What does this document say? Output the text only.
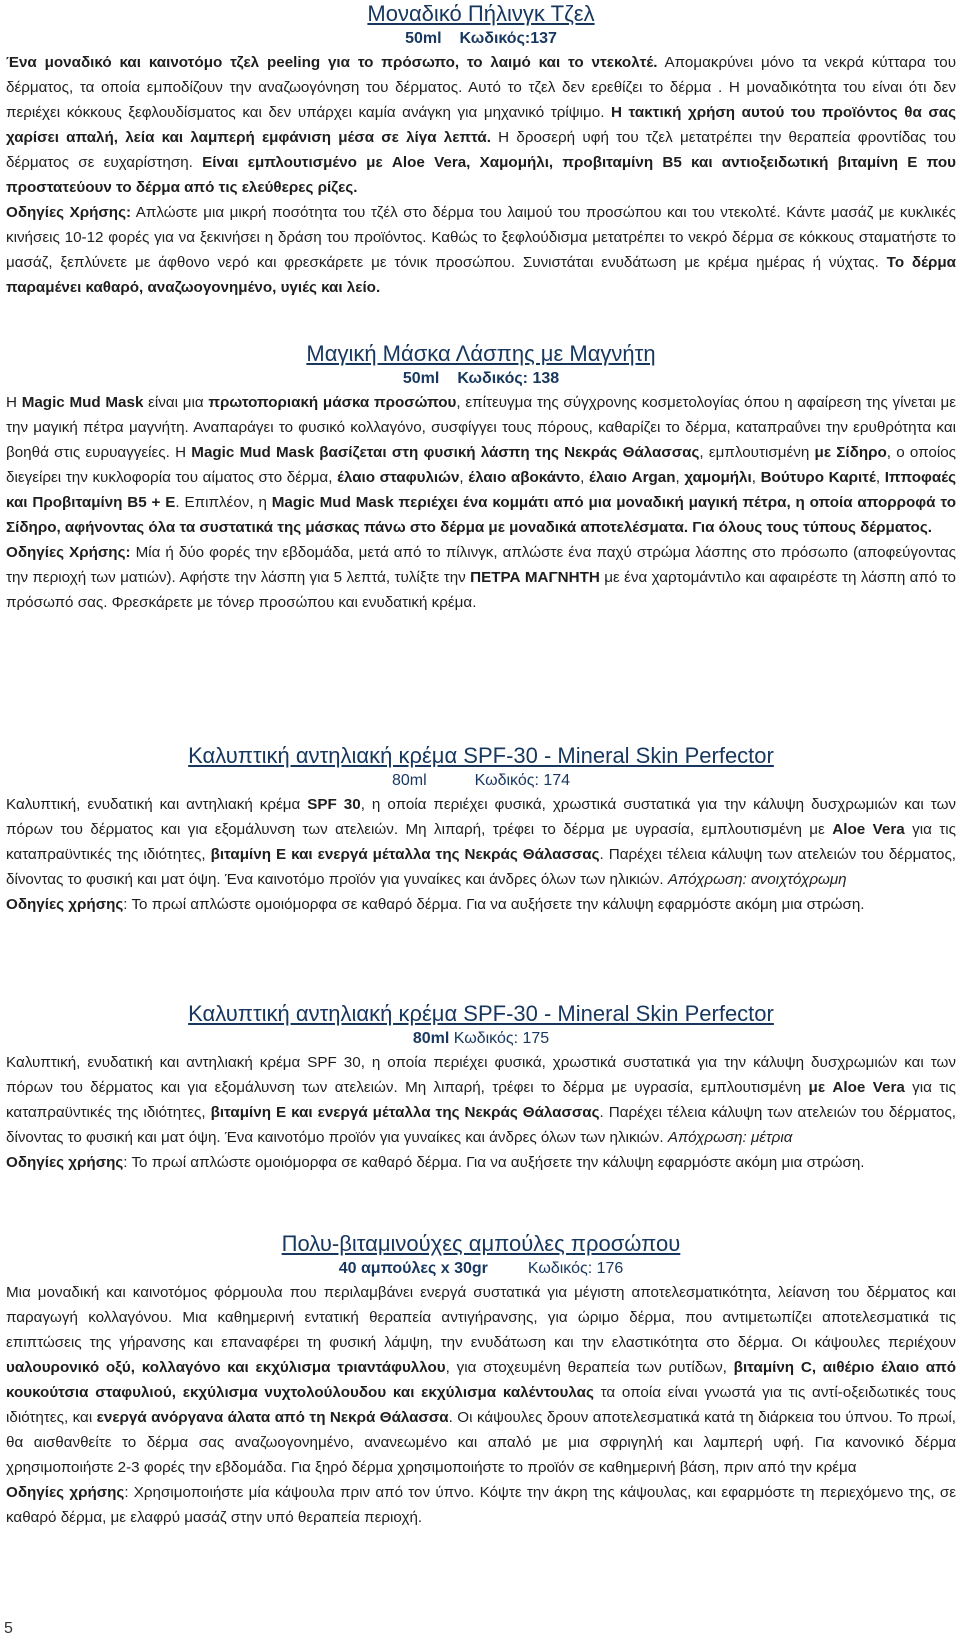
Μοναδικό Πήλινγκ Τζελ
50ml Κωδικός:137

Ένα μοναδικό και καινοτόμο τζελ peeling για το πρόσωπο, το λαιμό και το ντεκολτέ. Απομακρύνει μόνο τα νεκρά κύτταρα του δέρματος, τα οποία εμποδίζουν την αναζωογόνηση του δέρματος. Αυτό το τζελ δεν ερεθίζει το δέρμα . Η μοναδικότητα του είναι ότι δεν περιέχει κόκκους ξεφλουδίσματος και δεν υπάρχει καμία ανάγκη για μηχανικό τρίψιμο. Η τακτική χρήση αυτού του προϊόντος θα σας χαρίσει απαλή, λεία και λαμπερή εμφάνιση μέσα σε λίγα λεπτά. Η δροσερή υφή του τζελ μετατρέπει την θεραπεία φροντίδας του δέρματος σε ευχαρίστηση. Είναι εμπλουτισμένο με Aloe Vera, Χαμομήλι, προβιταμίνη B5 και αντιοξειδωτική βιταμίνη E που προστατεύουν το δέρμα από τις ελεύθερες ρίζες.

Οδηγίες Χρήσης: Απλώστε μια μικρή ποσότητα του τζέλ στο δέρμα του λαιμού του προσώπου και του ντεκολτέ. Κάντε μασάζ με κυκλικές κινήσεις 10-12 φορές για να ξεκινήσει η δράση του προϊόντος. Καθώς το ξεφλούδισμα μετατρέπει το νεκρό δέρμα σε κόκκους σταματήστε το μασάζ, ξεπλύνετε με άφθονο νερό και φρεσκάρετε με τόνικ προσώπου. Συνιστάται ενυδάτωση με κρέμα ημέρας ή νύχτας. Το δέρμα παραμένει καθαρό, αναζωογονημένο, υγιές και λείο.

Μαγική Μάσκα Λάσπης με Μαγνήτη
50ml Κωδικός: 138

Η Magic Mud Mask είναι μια πρωτοποριακή μάσκα προσώπου, επίτευγμα της σύγχρονης κοσμετολογίας όπου η αφαίρεση της γίνεται με την μαγική πέτρα μαγνήτη. Αναπαράγει το φυσικό κολλαγόνο, συσφίγγει τους πόρους, καθαρίζει το δέρμα, καταπραΰνει την ερυθρότητα και βοηθά στις ευρυαγγείες. Η Magic Mud Mask βασίζεται στη φυσική λάσπη της Νεκράς Θάλασσας, εμπλουτισμένη με Σίδηρο, ο οποίος διεγείρει την κυκλοφορία του αίματος στο δέρμα, έλαιο σταφυλιών, έλαιο αβοκάντο, έλαιο Argan, χαμομήλι, Βούτυρο Καριτέ, Ιπποφαές και Προβιταμίνη B5 + E. Επιπλέον, η Magic Mud Mask περιέχει ένα κομμάτι από μια μοναδική μαγική πέτρα, η οποία απορροφά το Σίδηρο, αφήνοντας όλα τα συστατικά της μάσκας πάνω στο δέρμα με μοναδικά αποτελέσματα. Για όλους τους τύπους δέρματος.

Οδηγίες Χρήσης: Μία ή δύο φορές την εβδομάδα, μετά από το πίλινγκ, απλώστε ένα παχύ στρώμα λάσπης στο πρόσωπο (αποφεύγοντας την περιοχή των ματιών). Αφήστε την λάσπη για 5 λεπτά, τυλίξτε την ΠΕΤΡΑ ΜΑΓΝΗΤΗ με ένα χαρτομάντιλο και αφαιρέστε τη λάσπη από το πρόσωπό σας. Φρεσκάρετε με τόνερ προσώπου και ενυδατική κρέμα.

Καλυπτική αντηλιακή κρέμα SPF-30 - Mineral Skin Perfector
80ml	Κωδικός: 174

Καλυπτική, ενυδατική και αντηλιακή κρέμα SPF 30, η οποία περιέχει φυσικά, χρωστικά συστατικά για την κάλυψη δυσχρωμιών και των πόρων του δέρματος και για εξομάλυνση των ατελειών. Μη λιπαρή, τρέφει το δέρμα με υγρασία, εμπλουτισμένη με Aloe Vera για τις καταπραϋντικές της ιδιότητες, βιταμίνη E και ενεργά μέταλλα της Νεκράς Θάλασσας. Παρέχει τέλεια κάλυψη των ατελειών του δέρματος, δίνοντας το φυσική και ματ όψη. Ένα καινοτόμο προϊόν για γυναίκες και άνδρες όλων των ηλικιών. Απόχρωση: ανοιχτόχρωμη

Οδηγίες χρήσης: Το πρωί απλώστε ομοιόμορφα σε καθαρό δέρμα. Για να αυξήσετε την κάλυψη εφαρμόστε ακόμη μια στρώση.

Καλυπτική αντηλιακή κρέμα SPF-30 - Mineral Skin Perfector
80ml Κωδικός: 175

Καλυπτική, ενυδατική και αντηλιακή κρέμα SPF 30, η οποία περιέχει φυσικά, χρωστικά συστατικά για την κάλυψη δυσχρωμιών και των πόρων του δέρματος και για εξομάλυνση των ατελειών. Μη λιπαρή, τρέφει το δέρμα με υγρασία, εμπλουτισμένη με Aloe Vera για τις καταπραϋντικές της ιδιότητες, βιταμίνη E και ενεργά μέταλλα της Νεκράς Θάλασσας. Παρέχει τέλεια κάλυψη των ατελειών του δέρματος, δίνοντας το φυσική και ματ όψη. Ένα καινοτόμο προϊόν για γυναίκες και άνδρες όλων των ηλικιών. Απόχρωση: μέτρια

Οδηγίες χρήσης: Το πρωί απλώστε ομοιόμορφα σε καθαρό δέρμα. Για να αυξήσετε την κάλυψη εφαρμόστε ακόμη μια στρώση.

Πολυ-βιταμινούχες αμπούλες προσώπου
40 αμπούλες x 30gr	Κωδικός: 176

Μια μοναδική και καινοτόμος φόρμουλα που περιλαμβάνει ενεργά συστατικά για μέγιστη αποτελεσματικότητα, λείανση του δέρματος και παραγωγή κολλαγόνου. Μια καθημερινή εντατική θεραπεία αντιγήρανσης, για ώριμο δέρμα, που αντιμετωπίζει αποτελεσματικά τις επιπτώσεις της γήρανσης και επαναφέρει τη φυσική λάμψη, την ενυδάτωση και την ελαστικότητα στο δέρμα. Οι κάψουλες περιέχουν υαλουρονικό οξύ, κολλαγόνο και εκχύλισμα τριαντάφυλλου, για στοχευμένη θεραπεία των ρυτίδων, βιταμίνη C, αιθέριο έλαιο από κουκούτσια σταφυλιού, εκχύλισμα νυχτολούλουδου και εκχύλισμα καλέντουλας τα οποία είναι γνωστά για τις αντί-οξειδωτικές τους ιδιότητες, και ενεργά ανόργανα άλατα από τη Νεκρά Θάλασσα. Οι κάψουλες δρουν αποτελεσματικά κατά τη διάρκεια του ύπνου. Το πρωί, θα αισθανθείτε το δέρμα σας αναζωογονημένο, ανανεωμένο και απαλό με μια σφριγηλή και λαμπερή υφή. Για κανονικό δέρμα χρησιμοποιήστε 2-3 φορές την εβδομάδα. Για ξηρό δέρμα χρησιμοποιήστε το προϊόν σε καθημερινή βάση, πριν από την κρέμα

Οδηγίες χρήσης: Χρησιμοποιήστε μία κάψουλα πριν από τον ύπνο. Κόψτε την άκρη της κάψουλας, και εφαρμόστε τη περιεχόμενο της, σε καθαρό δέρμα, με ελαφρύ μασάζ στην υπό θεραπεία περιοχή.

5
